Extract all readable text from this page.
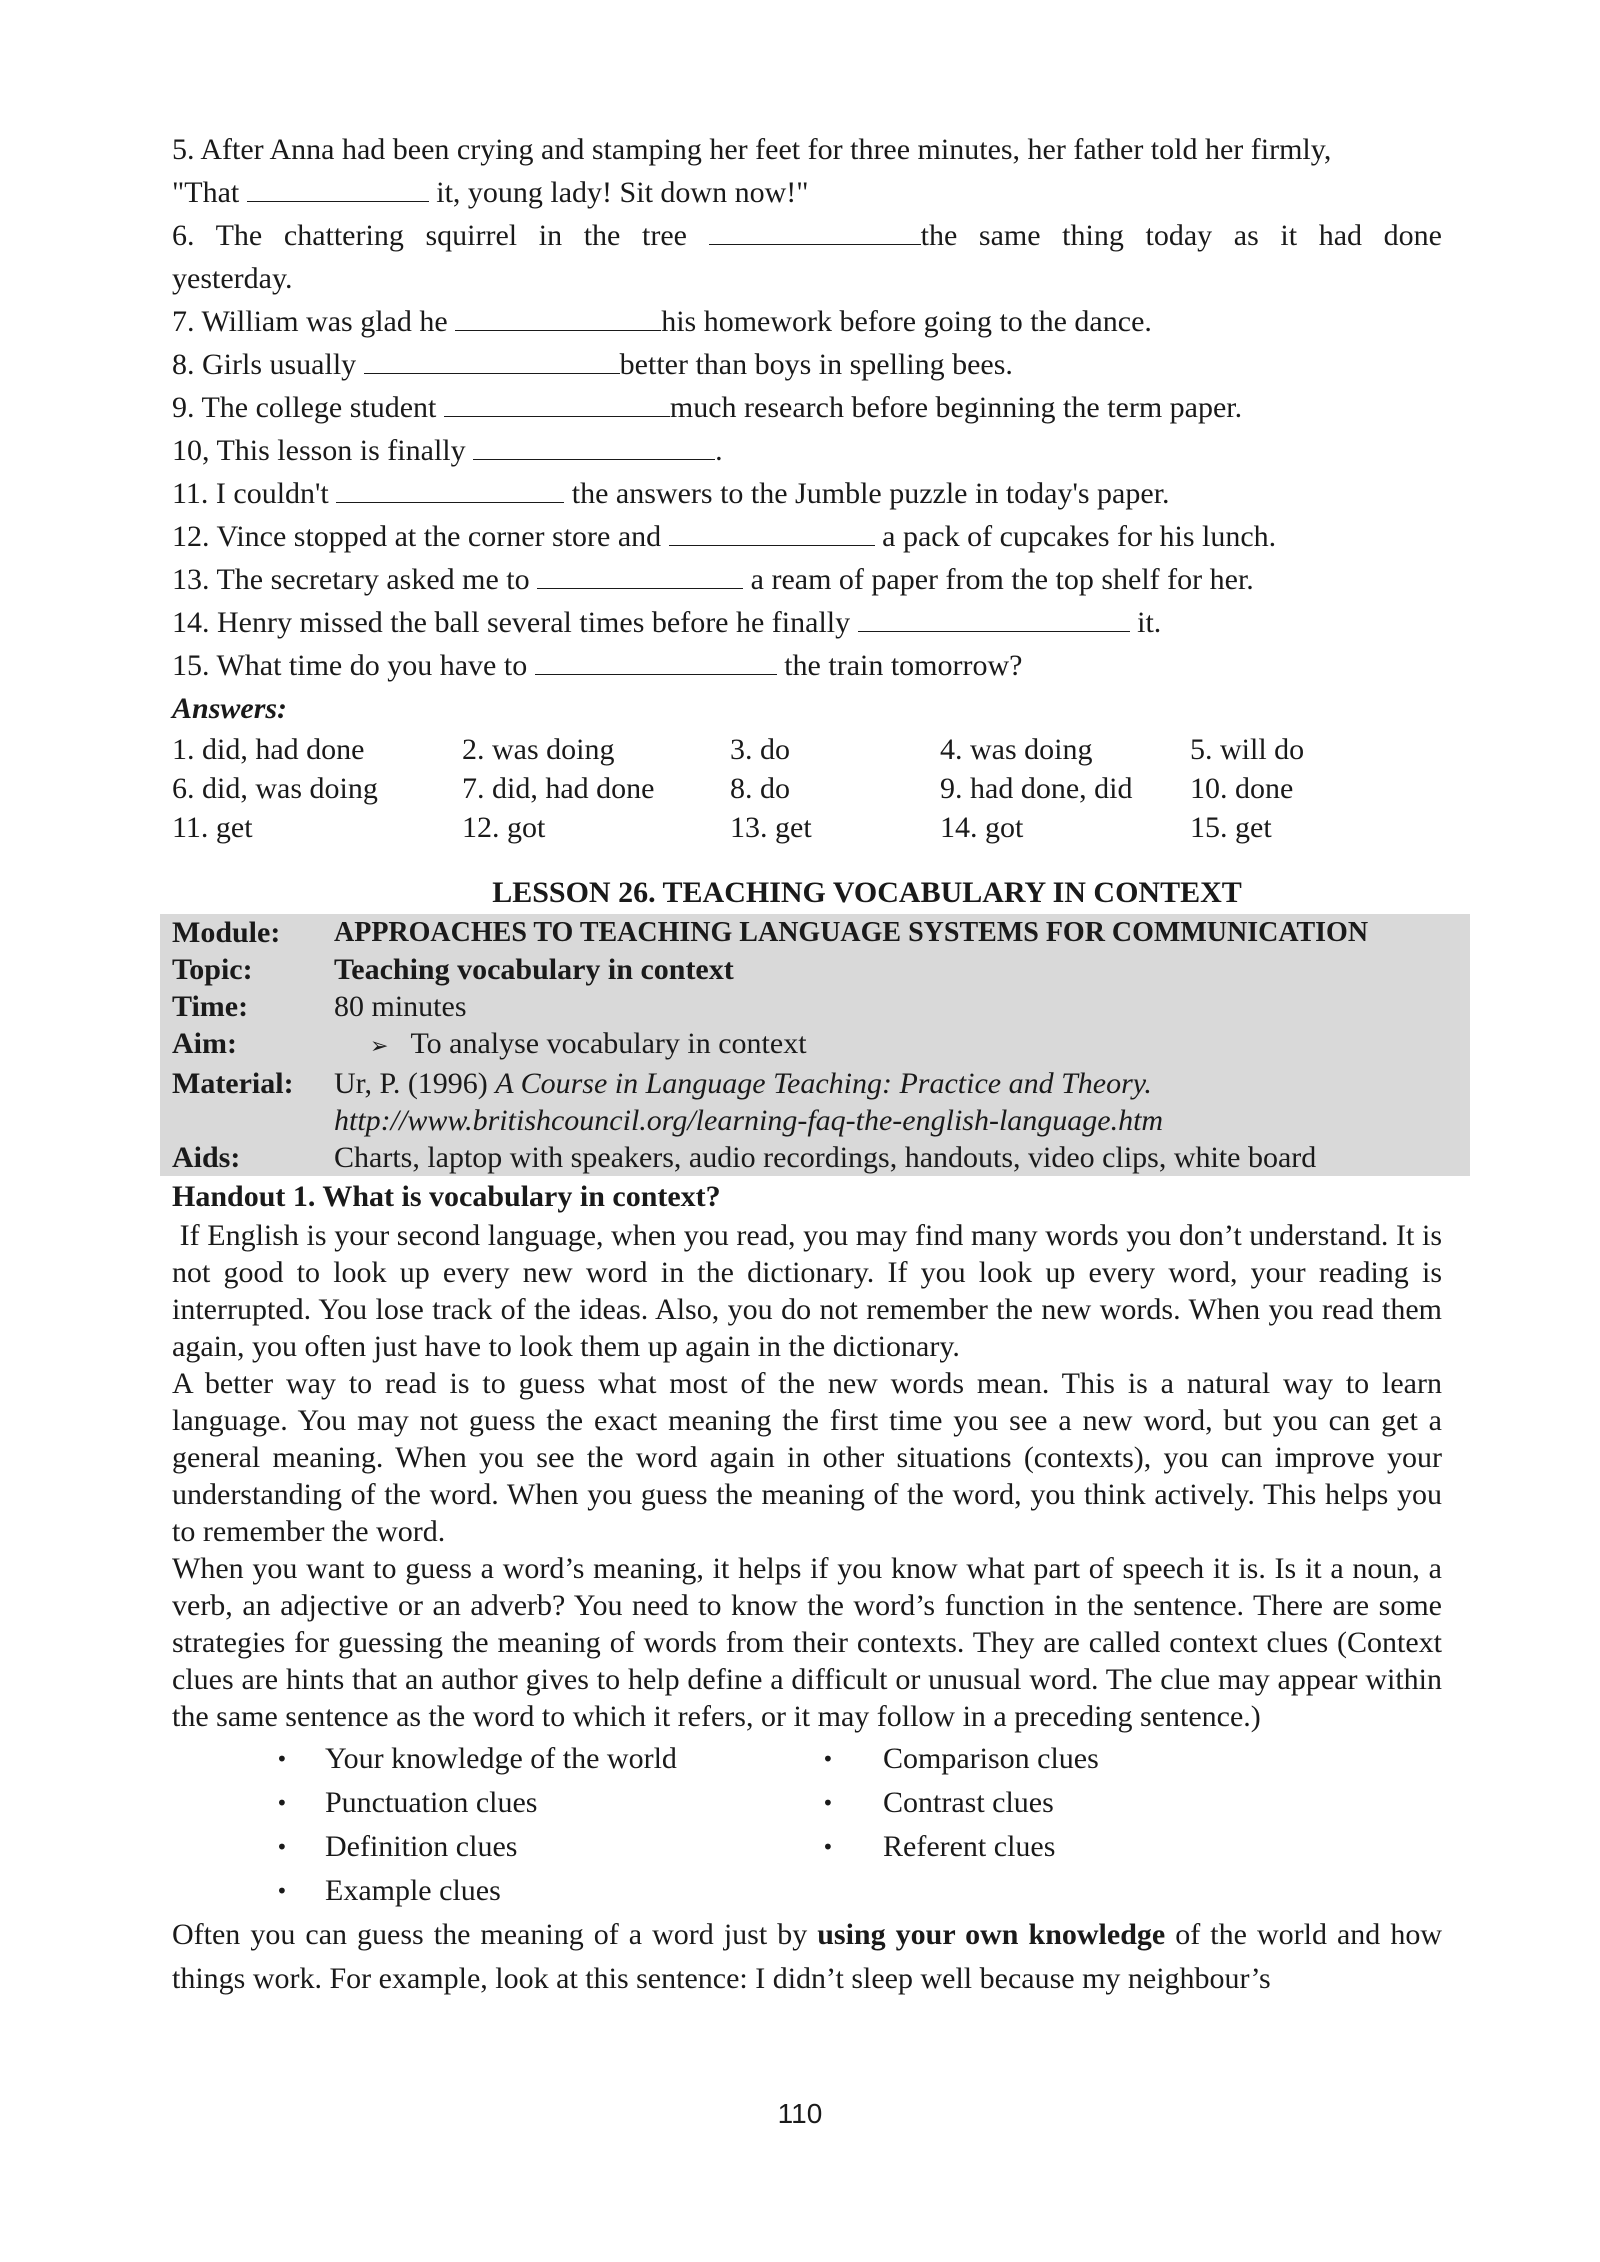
5. After Anna had been crying and stamping her feet for three minutes, her father told her firmly,
"That	it, young lady! Sit down now!"
6. The chattering squirrel in the tree	the same thing today as it had done
yesterday.
7. William was glad he	his homework before going to the dance.
8. Girls usually	better than boys in spelling bees.
9. The college student	much research before beginning the term paper.
10, This lesson is finally	.
11. I couldn't	the answers to the Jumble puzzle in today's paper.
12. Vince stopped at the corner store and	a pack of cupcakes for his lunch.
13. The secretary asked me to	a ream of paper from the top shelf for her.
14. Henry missed the ball several times before he finally	it.
15. What time do you have to	the train tomorrow?
Answers:
1. did, had done	2. was doing	3. do	4. was doing	5. will do
6. did, was doing	7. did, had done	8. do	9. had done, did	10. done
11. get	12. got	13. get	14. got	15. get
LESSON 26. TEACHING VOCABULARY IN CONTEXT
Module:	APPROACHES TO TEACHING LANGUAGE SYSTEMS FOR COMMUNICATION
Topic:	Teaching vocabulary in context
Time:	80 minutes
Aim:	➢ To analyse vocabulary in context
Material:	Ur, P. (1996) A Course in Language Teaching: Practice and Theory.
http://www.britishcouncil.org/learning-faq-the-english-language.htm
Aids:	Charts, laptop with speakers, audio recordings, handouts, video clips, white board
Handout 1. What is vocabulary in context?
If English is your second language, when you read, you may find many words you don’t understand. It is not good to look up every new word in the dictionary. If you look up every word, your reading is interrupted. You lose track of the ideas. Also, you do not remember the new words. When you read them again, you often just have to look them up again in the dictionary.
A better way to read is to guess what most of the new words mean. This is a natural way to learn language. You may not guess the exact meaning the first time you see a new word, but you can get a general meaning. When you see the word again in other situations (contexts), you can improve your understanding of the word. When you guess the meaning of the word, you think actively. This helps you to remember the word.
When you want to guess a word’s meaning, it helps if you know what part of speech it is. Is it a noun, a verb, an adjective or an adverb? You need to know the word’s function in the sentence. There are some strategies for guessing the meaning of words from their contexts. They are called context clues (Context clues are hints that an author gives to help define a difficult or unusual word. The clue may appear within the same sentence as the word to which it refers, or it may follow in a preceding sentence.)
• Your knowledge of the world
• Punctuation clues
• Definition clues
• Example clues
• Comparison clues
• Contrast clues
• Referent clues
Often you can guess the meaning of a word just by using your own knowledge of the world and how things work. For example, look at this sentence: I didn’t sleep well because my neighbour’s
110
